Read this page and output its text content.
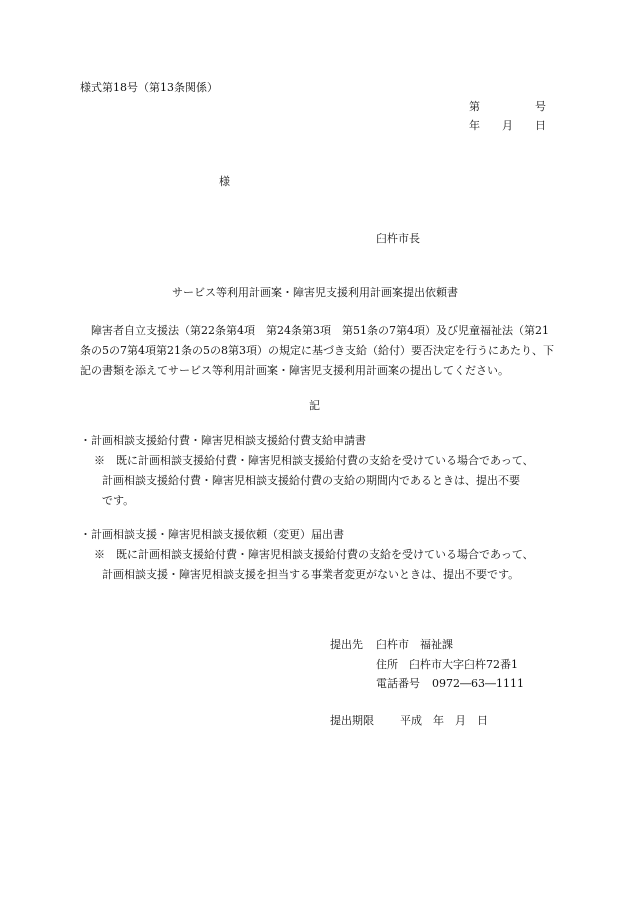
様式第18号（第13条関係）
第　　　　　号
年　　月　　日
様
臼杵市長
サービス等利用計画案・障害児支援利用計画案提出依頼書
　障害者自立支援法（第22条第4項　第24条第3項　第51条の7第4項）及び児童福祉法（第21
条の5の7第4項第21条の5の8第3項）の規定に基づき支給（給付）要否決定を行うにあたり、下
記の書類を添えてサービス等利用計画案・障害児支援利用計画案の提出してください。
記
・計画相談支援給付費・障害児相談支援給付費支給申請書
※　既に計画相談支援給付費・障害児相談支援給付費の支給を受けている場合であって、
計画相談支援給付費・障害児相談支援給付費の支給の期間内であるときは、提出不要
です。
・計画相談支援・障害児相談支援依頼（変更）届出書
※　既に計画相談支援給付費・障害児相談支援給付費の支給を受けている場合であって、
計画相談支援・障害児相談支援を担当する事業者変更がないときは、提出不要です。
提出先 臼杵市　福祉課
住所 臼杵市大字臼杵72番1
電話番号 0972―63―1111
提出期限 平成　年　月　日
